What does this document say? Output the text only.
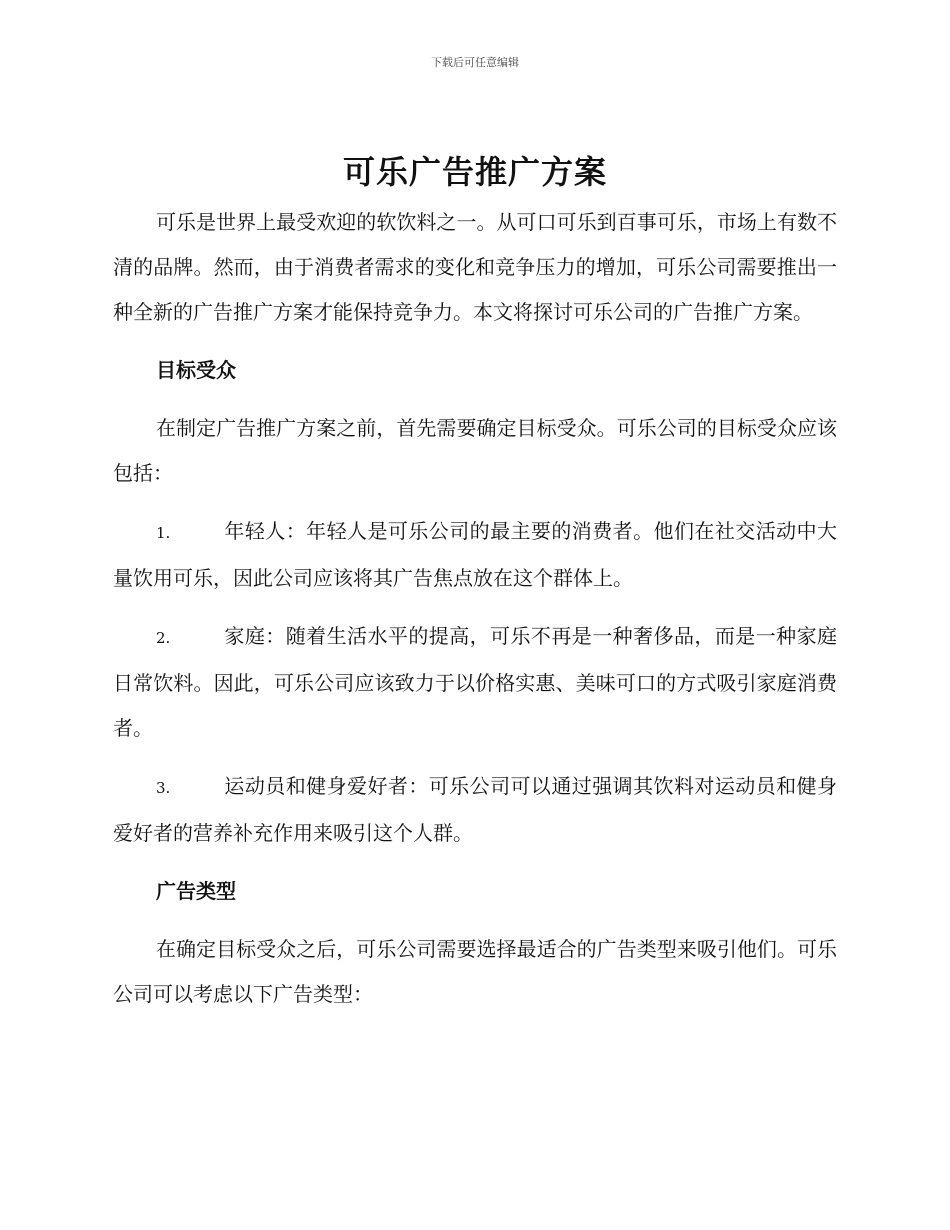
下载后可任意编辑
可乐广告推广方案

可乐是世界上最受欢迎的软饮料之一。从可口可乐到百事可乐，市场上有数不清的品牌。然而，由于消费者需求的变化和竞争压力的增加，可乐公司需要推出一种全新的广告推广方案才能保持竞争力。本文将探讨可乐公司的广告推广方案。

目标受众

在制定广告推广方案之前，首先需要确定目标受众。可乐公司的目标受众应该包括：

1.	年轻人：年轻人是可乐公司的最主要的消费者。他们在社交活动中大量饮用可乐，因此公司应该将其广告焦点放在这个群体上。

2.	家庭：随着生活水平的提高，可乐不再是一种奢侈品，而是一种家庭日常饮料。因此，可乐公司应该致力于以价格实惠、美味可口的方式吸引家庭消费者。

3.	运动员和健身爱好者：可乐公司可以通过强调其饮料对运动员和健身爱好者的营养补充作用来吸引这个人群。

广告类型

在确定目标受众之后，可乐公司需要选择最适合的广告类型来吸引他们。可乐公司可以考虑以下广告类型：
